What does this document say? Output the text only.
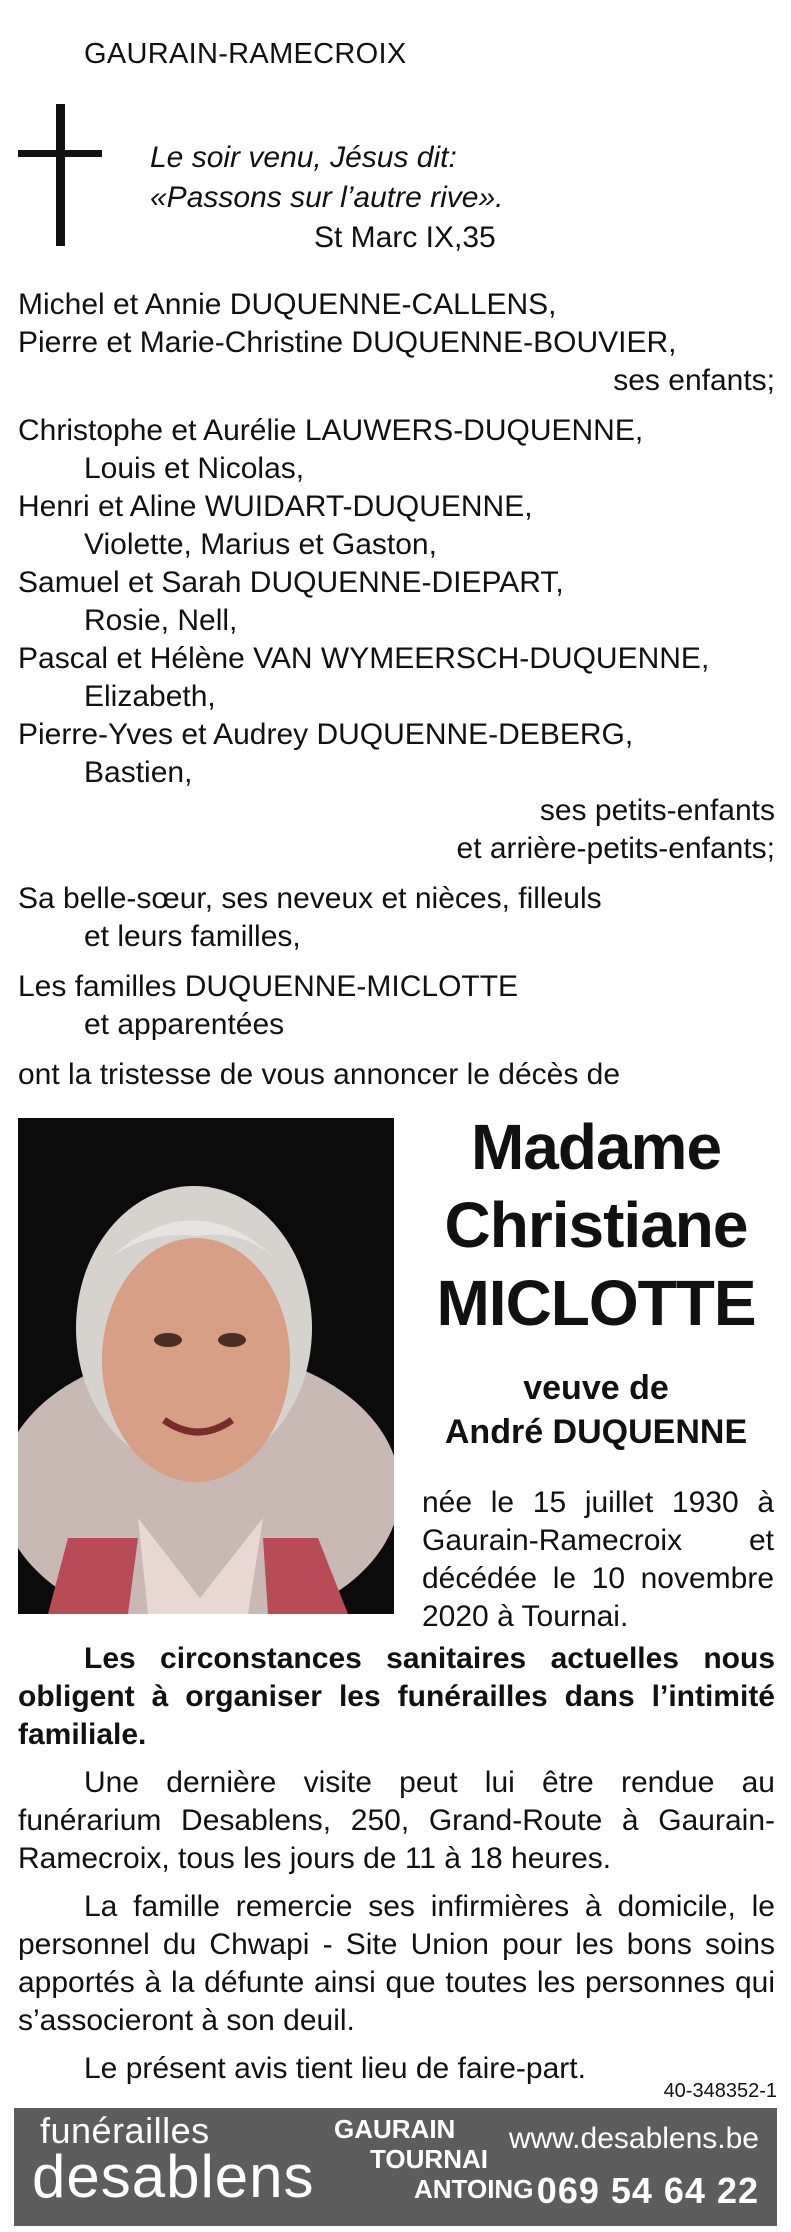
GAURAIN-RAMECROIX
Le soir venu, Jésus dit:
«Passons sur l’autre rive».
St Marc IX,35
Michel et Annie DUQUENNE-CALLENS,
Pierre et Marie-Christine DUQUENNE-BOUVIER,
ses enfants;
Christophe et Aurélie LAUWERS-DUQUENNE,
Louis et Nicolas,
Henri et Aline WUIDART-DUQUENNE,
Violette, Marius et Gaston,
Samuel et Sarah DUQUENNE-DIEPART,
Rosie, Nell,
Pascal et Hélène VAN WYMEERSCH-DUQUENNE,
Elizabeth,
Pierre-Yves et Audrey DUQUENNE-DEBERG,
Bastien,
ses petits-enfants
et arrière-petits-enfants;
Sa belle-sœur, ses neveux et nièces, filleuls
et leurs familles,
Les familles DUQUENNE-MICLOTTE
et apparentées
ont la tristesse de vous annoncer le décès de
Madame
Christiane
MICLOTTE
veuve de
André DUQUENNE
née le 15 juillet 1930 à Gaurain-Ramecroix et décédée le 10 novembre 2020 à Tournai.

Les circonstances sanitaires actuelles nous obligent à organiser les funérailles dans l’intimité familiale.

Une dernière visite peut lui être rendue au funérarium Desablens, 250, Grand-Route à Gaurain-Ramecroix, tous les jours de 11 à 18 heures.

La famille remercie ses infirmières à domicile, le personnel du Chwapi - Site Union pour les bons soins apportés à la défunte ainsi que toutes les personnes qui s’associeront à son deuil.

Le présent avis tient lieu de faire-part.

40-348352-1
funérailles
desablens
GAURAIN
TOURNAI
ANTOING
www.desablens.be
069 54 64 22
